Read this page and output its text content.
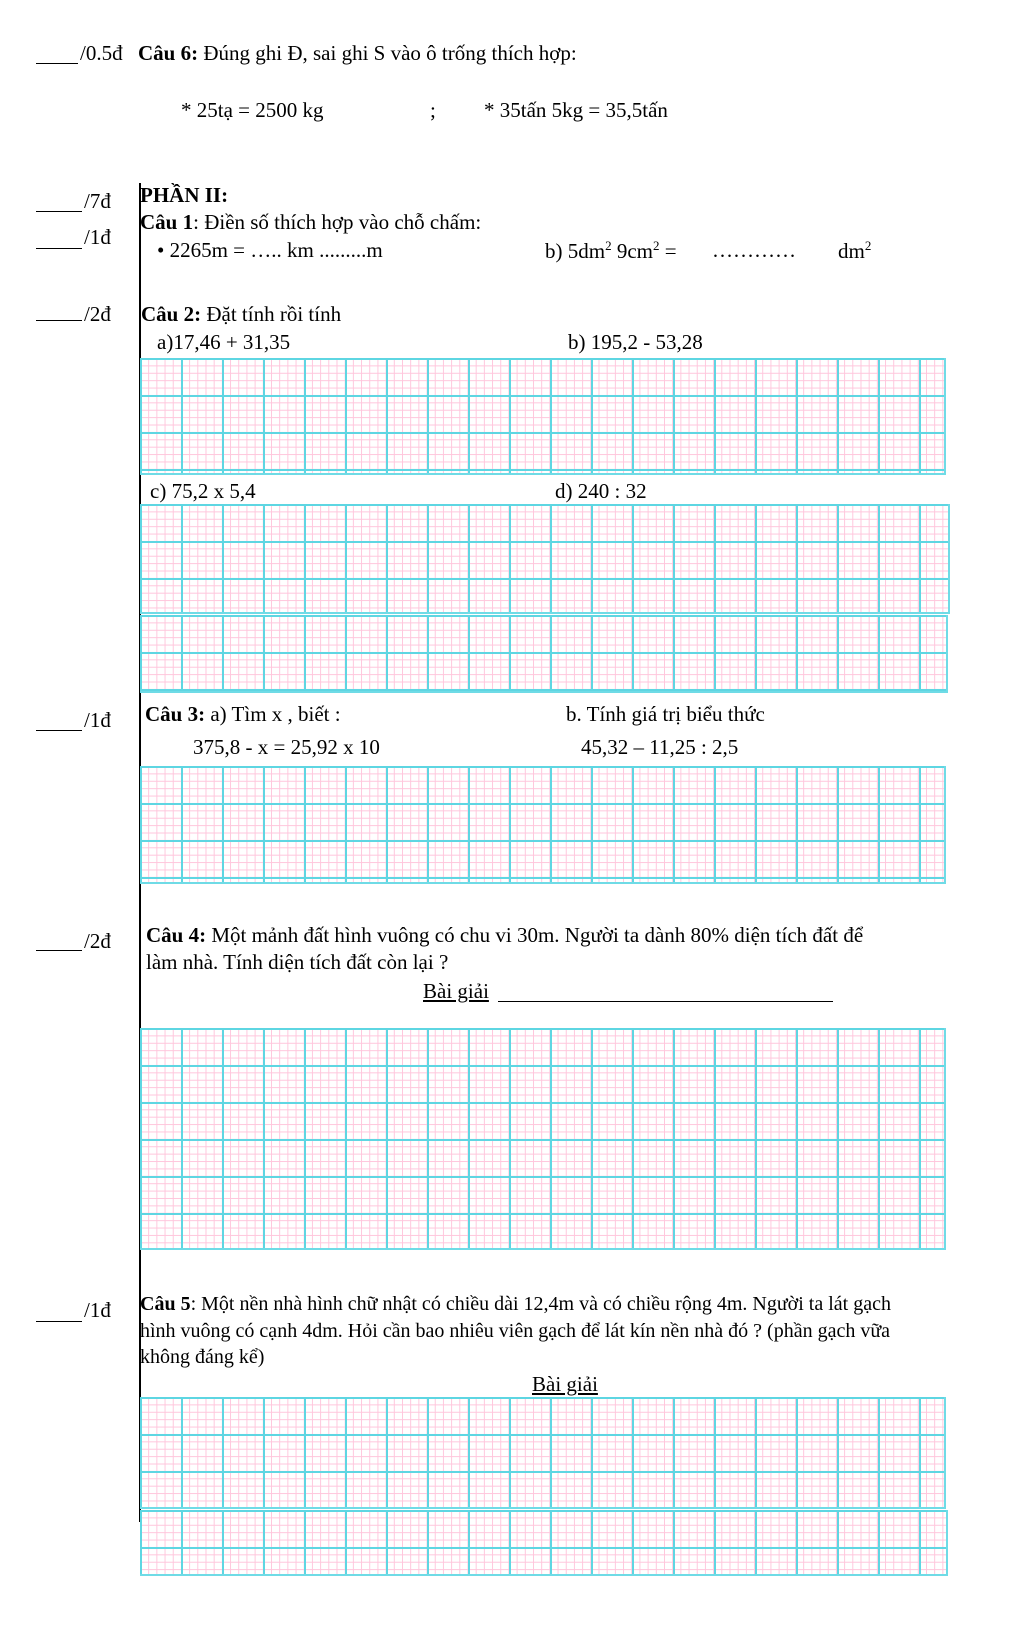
/0.5đ Câu 6: Đúng ghi Đ, sai ghi S vào ô trống thích hợp:
* 25tạ = 2500 kg	; * 35tấn 5kg = 35,5tấn
/7đ PHẦN II:
/1đ
Câu 1: Điền số thích hợp vào chỗ chấm:
• 2265m = ….. km .........m	b) $5dm^2$ $9cm^2$ = ………… $dm^2$
/2đ Câu 2: Đặt tính rồi tính
a)17,46 + 31,35	b) 195,2 - 53,28
c) 75,2 x 5,4	d) 240 : 32
/1đ Câu 3: a) Tìm x , biết :	b. Tính giá trị biểu thức
375,8 - x = 25,92 x 10	45,32 – 11,25 : 2,5
/2đ Câu 4: Một mảnh đất hình vuông có chu vi 30m. Người ta dành 80% diện tích đất để
làm nhà. Tính diện tích đất còn lại ?
Bài giải
/1đ Câu 5: Một nền nhà hình chữ nhật có chiều dài 12,4m và có chiều rộng 4m. Người ta lát gạch
hình vuông có cạnh 4dm. Hỏi cần bao nhiêu viên gạch để lát kín nền nhà đó ? (phần gạch vữa
không đáng kể)
Bài giải
